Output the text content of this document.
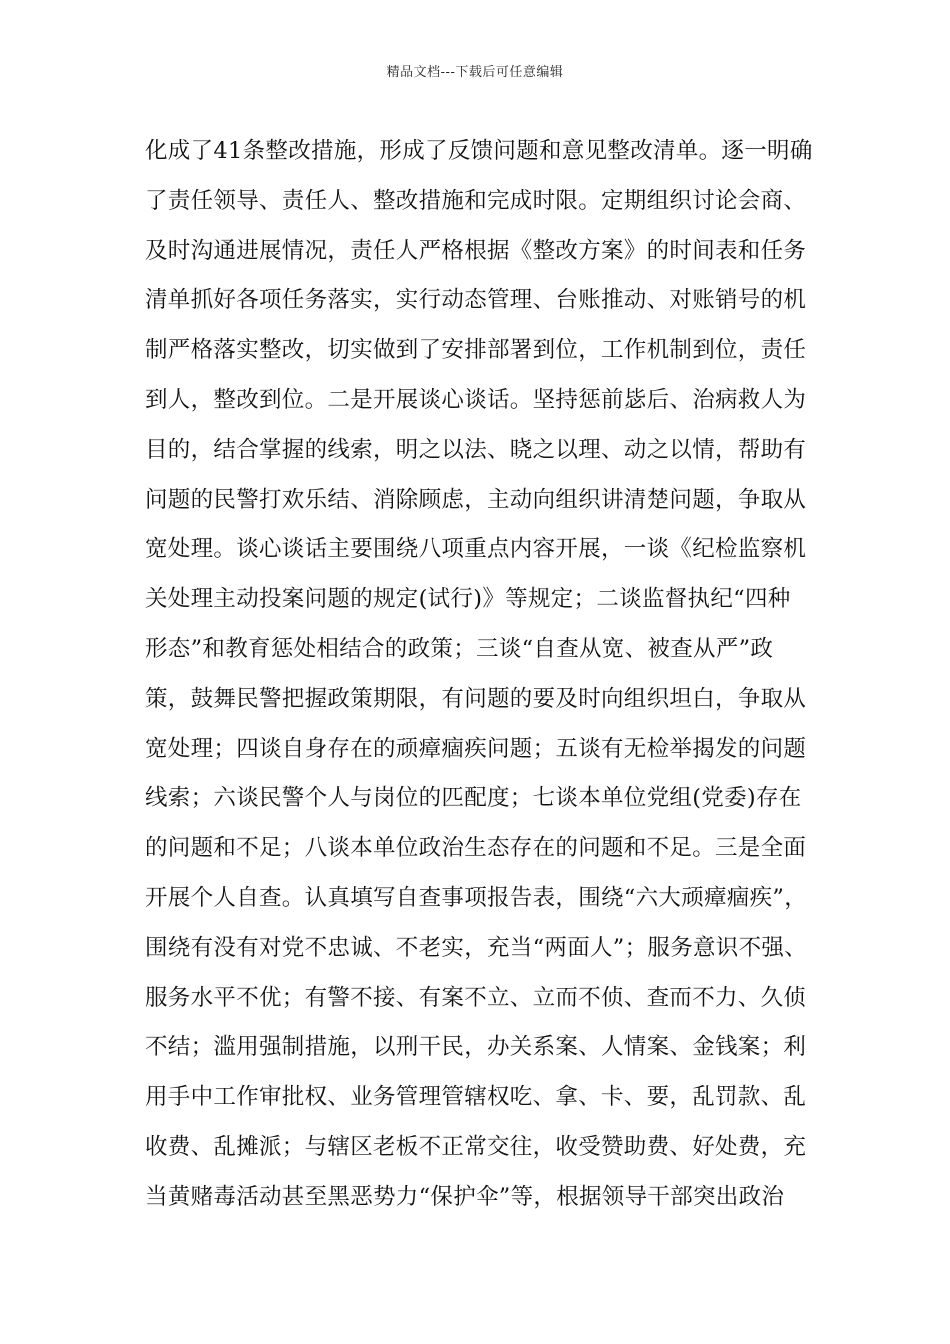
精品文档---下载后可任意编辑
化成了41条整改措施，形成了反馈问题和意见整改清单。逐一明确
了责任领导、责任人、整改措施和完成时限。定期组织讨论会商、
及时沟通进展情况，责任人严格根据《整改方案》的时间表和任务
清单抓好各项任务落实，实行动态管理、台账推动、对账销号的机
制严格落实整改，切实做到了安排部署到位，工作机制到位，责任
到人，整改到位。二是开展谈心谈话。坚持惩前毖后、治病救人为
目的，结合掌握的线索，明之以法、晓之以理、动之以情，帮助有
问题的民警打欢乐结、消除顾虑，主动向组织讲清楚问题，争取从
宽处理。谈心谈话主要围绕八项重点内容开展，一谈《纪检监察机
关处理主动投案问题的规定(试行)》等规定；二谈监督执纪“四种
形态”和教育惩处相结合的政策；三谈“自查从宽、被查从严”政
策，鼓舞民警把握政策期限，有问题的要及时向组织坦白，争取从
宽处理；四谈自身存在的顽瘴痼疾问题；五谈有无检举揭发的问题
线索；六谈民警个人与岗位的匹配度；七谈本单位党组(党委)存在
的问题和不足；八谈本单位政治生态存在的问题和不足。三是全面
开展个人自查。认真填写自查事项报告表，围绕“六大顽瘴痼疾”，
围绕有没有对党不忠诚、不老实，充当“两面人”；服务意识不强、
服务水平不优；有警不接、有案不立、立而不侦、查而不力、久侦
不结；滥用强制措施，以刑干民，办关系案、人情案、金钱案；利
用手中工作审批权、业务管理管辖权吃、拿、卡、要，乱罚款、乱
收费、乱摊派；与辖区老板不正常交往，收受赞助费、好处费，充
当黄赌毒活动甚至黑恶势力“保护伞”等，根据领导干部突出政治
